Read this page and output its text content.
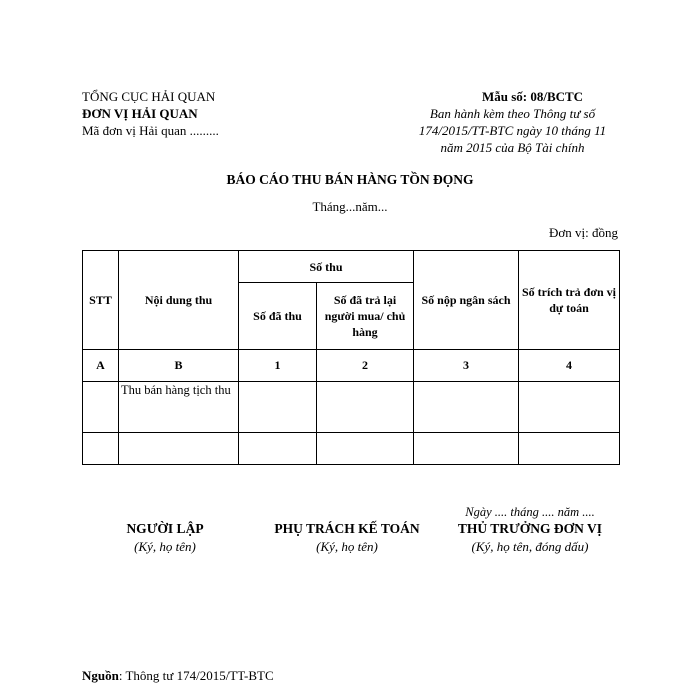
TỔNG CỤC HẢI QUAN
ĐƠN VỊ HẢI QUAN
Mã đơn vị Hải quan .........
Mẫu số: 08/BCTC
Ban hành kèm theo Thông tư số
174/2015/TT-BTC ngày 10 tháng 11
năm 2015 của Bộ Tài chính
BÁO CÁO THU BÁN HÀNG TỒN ĐỌNG
Tháng...năm...
Đơn vị: đồng
STT	Nội dung thu	Số thu		Số nộp ngân sách	Số trích trả đơn vị dự toán
		Số đã thu	Số đã trả lại người mua/ chủ hàng		
A	B	1	2	3	4
	Thu bán hàng tịch thu				

Ngày .... tháng .... năm ....
NGƯỜI LẬP
(Ký, họ tên)
PHỤ TRÁCH KẾ TOÁN
(Ký, họ tên)
THỦ TRƯỞNG ĐƠN VỊ
(Ký, họ tên, đóng dấu)
Nguồn: Thông tư 174/2015/TT-BTC
